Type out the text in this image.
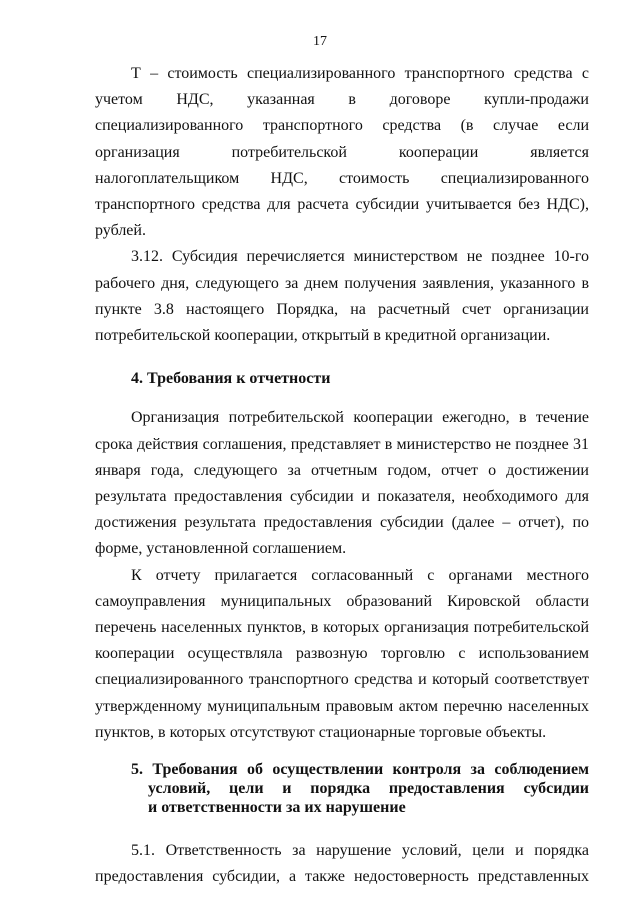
17

Т – стоимость специализированного транспортного средства с учетом НДС, указанная в договоре купли-продажи специализированного транспортного средства (в случае если организация потребительской кооперации является налогоплательщиком НДС, стоимость специализированного транспортного средства для расчета субсидии учитывается без НДС), рублей.

3.12. Субсидия перечисляется министерством не позднее 10-го рабочего дня, следующего за днем получения заявления, указанного в пункте 3.8 настоящего Порядка, на расчетный счет организации потребительской кооперации, открытый в кредитной организации.

4. Требования к отчетности

Организация потребительской кооперации ежегодно, в течение срока действия соглашения, представляет в министерство не позднее 31 января года, следующего за отчетным годом, отчет о достижении результата предоставления субсидии и показателя, необходимого для достижения результата предоставления субсидии (далее – отчет), по форме, установленной соглашением.

К отчету прилагается согласованный с органами местного самоуправления муниципальных образований Кировской области перечень населенных пунктов, в которых организация потребительской кооперации осуществляла развозную торговлю с использованием специализированного транспортного средства и который соответствует утвержденному муниципальным правовым актом перечню населенных пунктов, в которых отсутствуют стационарные торговые объекты.

5. Требования об осуществлении контроля за соблюдением
условий, цели и порядка предоставления субсидии
и ответственности за их нарушение

5.1. Ответственность за нарушение условий, цели и порядка предоставления субсидии, а также недостоверность представленных
